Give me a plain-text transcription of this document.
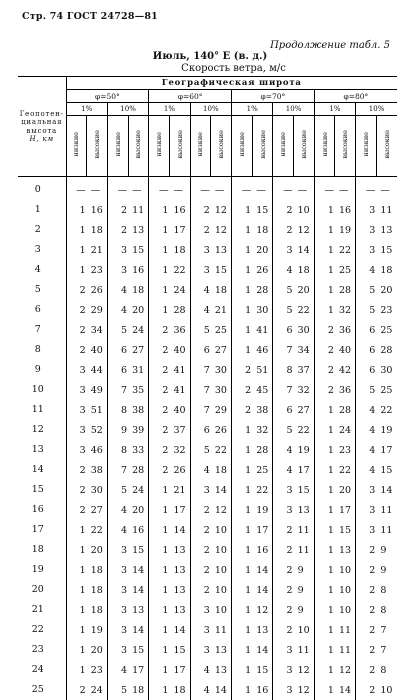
Стр. 74 ГОСТ 24728—81
Продолжение табл. 5
Июль, 140° E (в. д.)
Скорость ветра, м/с
Геопотен-
циальная
высота
H, км	Географическая широта															
	φ=50°				φ=60°				φ=70°				φ=80°			
	1%		10%		1%		10%		1%		10%		1%		10%	
	низкие	высокие	низкие	высокие	низкие	высокие	низкие	высокие	низкие	высокие	низкие	высокие	низкие	высокие	низкие	высокие
0	—	—	—	—	—	—	—	—	—	—	—	—	—	—	—	—
1	1	16	2	11	1	16	2	12	1	15	2	10	1	16	3	11
2	1	18	2	13	1	17	2	12	1	18	2	12	1	19	3	13
3	1	21	3	15	1	18	3	13	1	20	3	14	1	22	3	15
4	1	23	3	16	1	22	3	15	1	26	4	18	1	25	4	18
5	2	26	4	18	1	24	4	18	1	28	5	20	1	28	5	20
6	2	29	4	20	1	28	4	21	1	30	5	22	1	32	5	23
7	2	34	5	24	2	36	5	25	1	41	6	30	2	36	6	25
8	2	40	6	27	2	40	6	27	1	46	7	34	2	40	6	28
9	3	44	6	31	2	41	7	30	2	51	8	37	2	42	6	30
10	3	49	7	35	2	41	7	30	2	45	7	32	2	36	5	25
11	3	51	8	38	2	40	7	29	2	38	6	27	1	28	4	22
12	3	52	9	39	2	37	6	26	1	32	5	22	1	24	4	19
13	3	46	8	33	2	32	5	22	1	28	4	19	1	23	4	17
14	2	38	7	28	2	26	4	18	1	25	4	17	1	22	4	15
15	2	30	5	24	1	21	3	14	1	22	3	15	1	20	3	14
16	2	27	4	20	1	17	2	12	1	19	3	13	1	17	3	11
17	1	22	4	16	1	14	2	10	1	17	2	11	1	15	3	11
18	1	20	3	15	1	13	2	10	1	16	2	11	1	13	2	9
19	1	18	3	14	1	13	2	10	1	14	2	9	1	10	2	9
20	1	18	3	14	1	13	2	10	1	14	2	9	1	10	2	8
21	1	18	3	13	1	13	3	10	1	12	2	9	1	10	2	8
22	1	19	3	14	1	14	3	11	1	13	2	10	1	11	2	7
23	1	20	3	15	1	15	3	13	1	14	3	11	1	11	2	7
24	1	23	4	17	1	17	4	13	1	15	3	12	1	12	2	8
25	2	24	5	18	1	18	4	14	1	16	3	12	1	14	2	10
